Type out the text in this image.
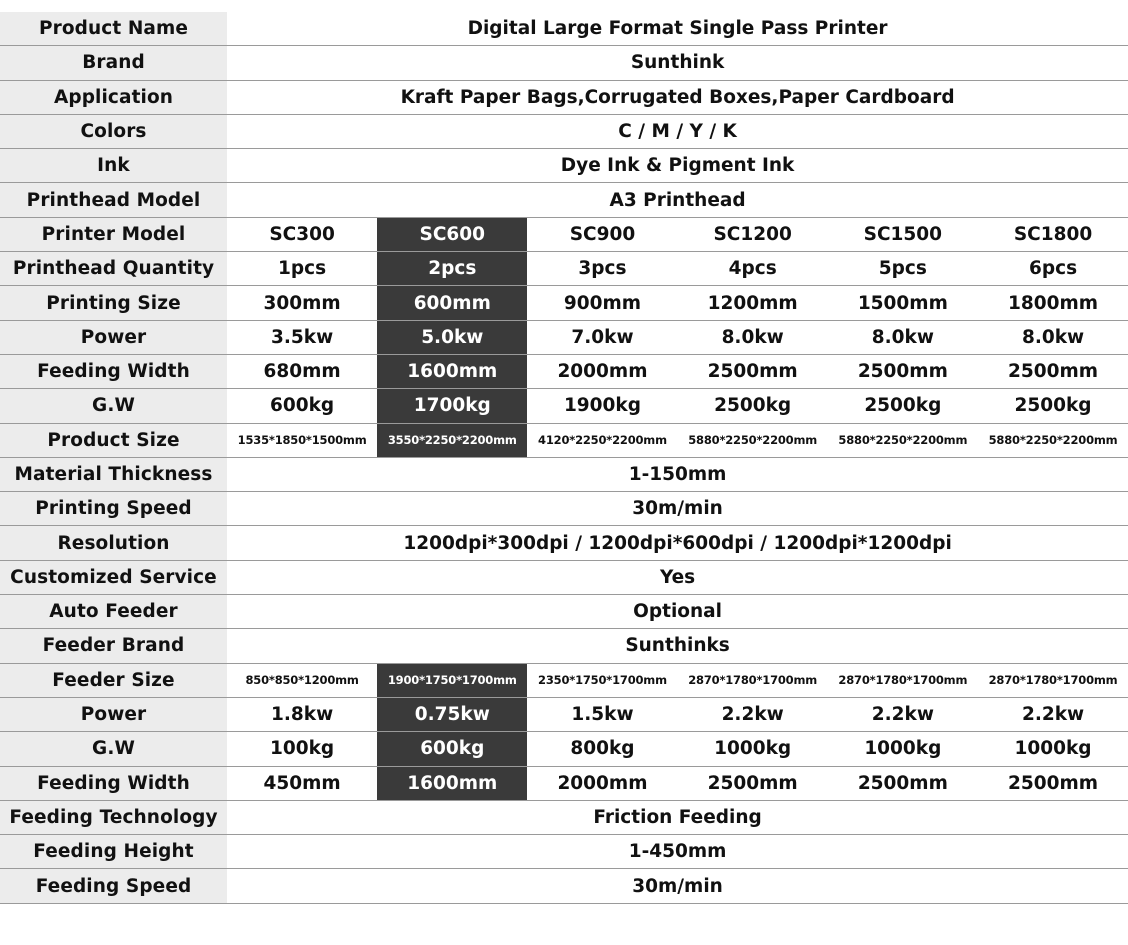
Product Name	Digital Large Format Single Pass Printer					
Brand	Sunthink					
Application	Kraft Paper Bags,Corrugated Boxes,Paper Cardboard					
Colors	C / M / Y / K					
Ink	Dye Ink & Pigment Ink					
Printhead Model	A3 Printhead					
Printer Model	SC300	SC600	SC900	SC1200	SC1500	SC1800
Printhead Quantity	1pcs	2pcs	3pcs	4pcs	5pcs	6pcs
Printing Size	300mm	600mm	900mm	1200mm	1500mm	1800mm
Power	3.5kw	5.0kw	7.0kw	8.0kw	8.0kw	8.0kw
Feeding Width	680mm	1600mm	2000mm	2500mm	2500mm	2500mm
G.W	600kg	1700kg	1900kg	2500kg	2500kg	2500kg
Product Size	1535*1850*1500mm	3550*2250*2200mm	4120*2250*2200mm	5880*2250*2200mm	5880*2250*2200mm	5880*2250*2200mm
Material Thickness	1-150mm					
Printing Speed	30m/min					
Resolution	1200dpi*300dpi / 1200dpi*600dpi / 1200dpi*1200dpi					
Customized Service	Yes					
Auto Feeder	Optional					
Feeder Brand	Sunthinks					
Feeder Size	850*850*1200mm	1900*1750*1700mm	2350*1750*1700mm	2870*1780*1700mm	2870*1780*1700mm	2870*1780*1700mm
Power	1.8kw	0.75kw	1.5kw	2.2kw	2.2kw	2.2kw
G.W	100kg	600kg	800kg	1000kg	1000kg	1000kg
Feeding Width	450mm	1600mm	2000mm	2500mm	2500mm	2500mm
Feeding Technology	Friction Feeding					
Feeding Height	1-450mm					
Feeding Speed	30m/min					
